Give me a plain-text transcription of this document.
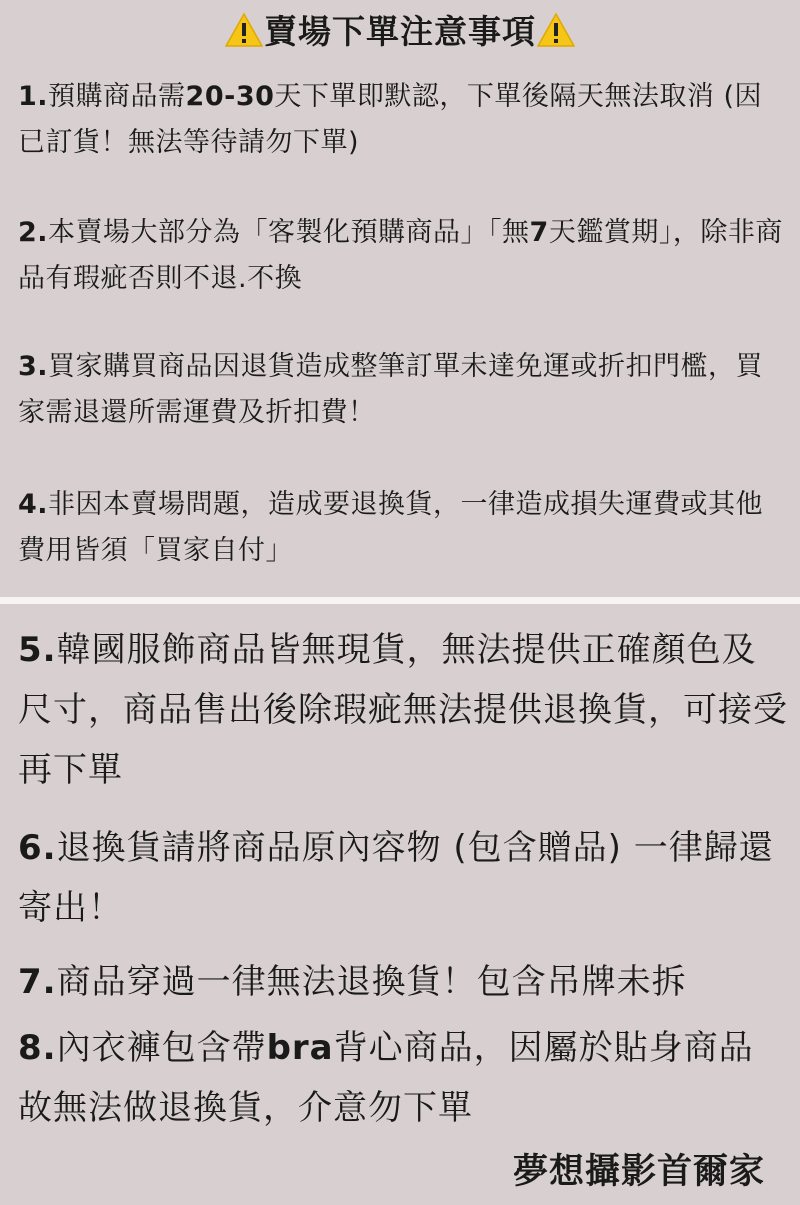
賣場下單注意事項
1.預購商品需20-30天下單即默認，下單後隔天無法取消 (因已訂貨！無法等待請勿下單)
2.本賣場大部分為「客製化預購商品」「無7天鑑賞期」，除非商品有瑕疵否則不退.不換
3.買家購買商品因退貨造成整筆訂單未達免運或折扣門檻，買家需退還所需運費及折扣費！
4.非因本賣場問題，造成要退換貨，一律造成損失運費或其他費用皆須「買家自付」
5.韓國服飾商品皆無現貨，無法提供正確顏色及尺寸，商品售出後除瑕疵無法提供退換貨，可接受再下單
6.退換貨請將商品原內容物 (包含贈品) 一律歸還寄出！
7.商品穿過一律無法退換貨！包含吊牌未拆
8.內衣褲包含帶bra背心商品，因屬於貼身商品故無法做退換貨，介意勿下單
夢想攝影首爾家
